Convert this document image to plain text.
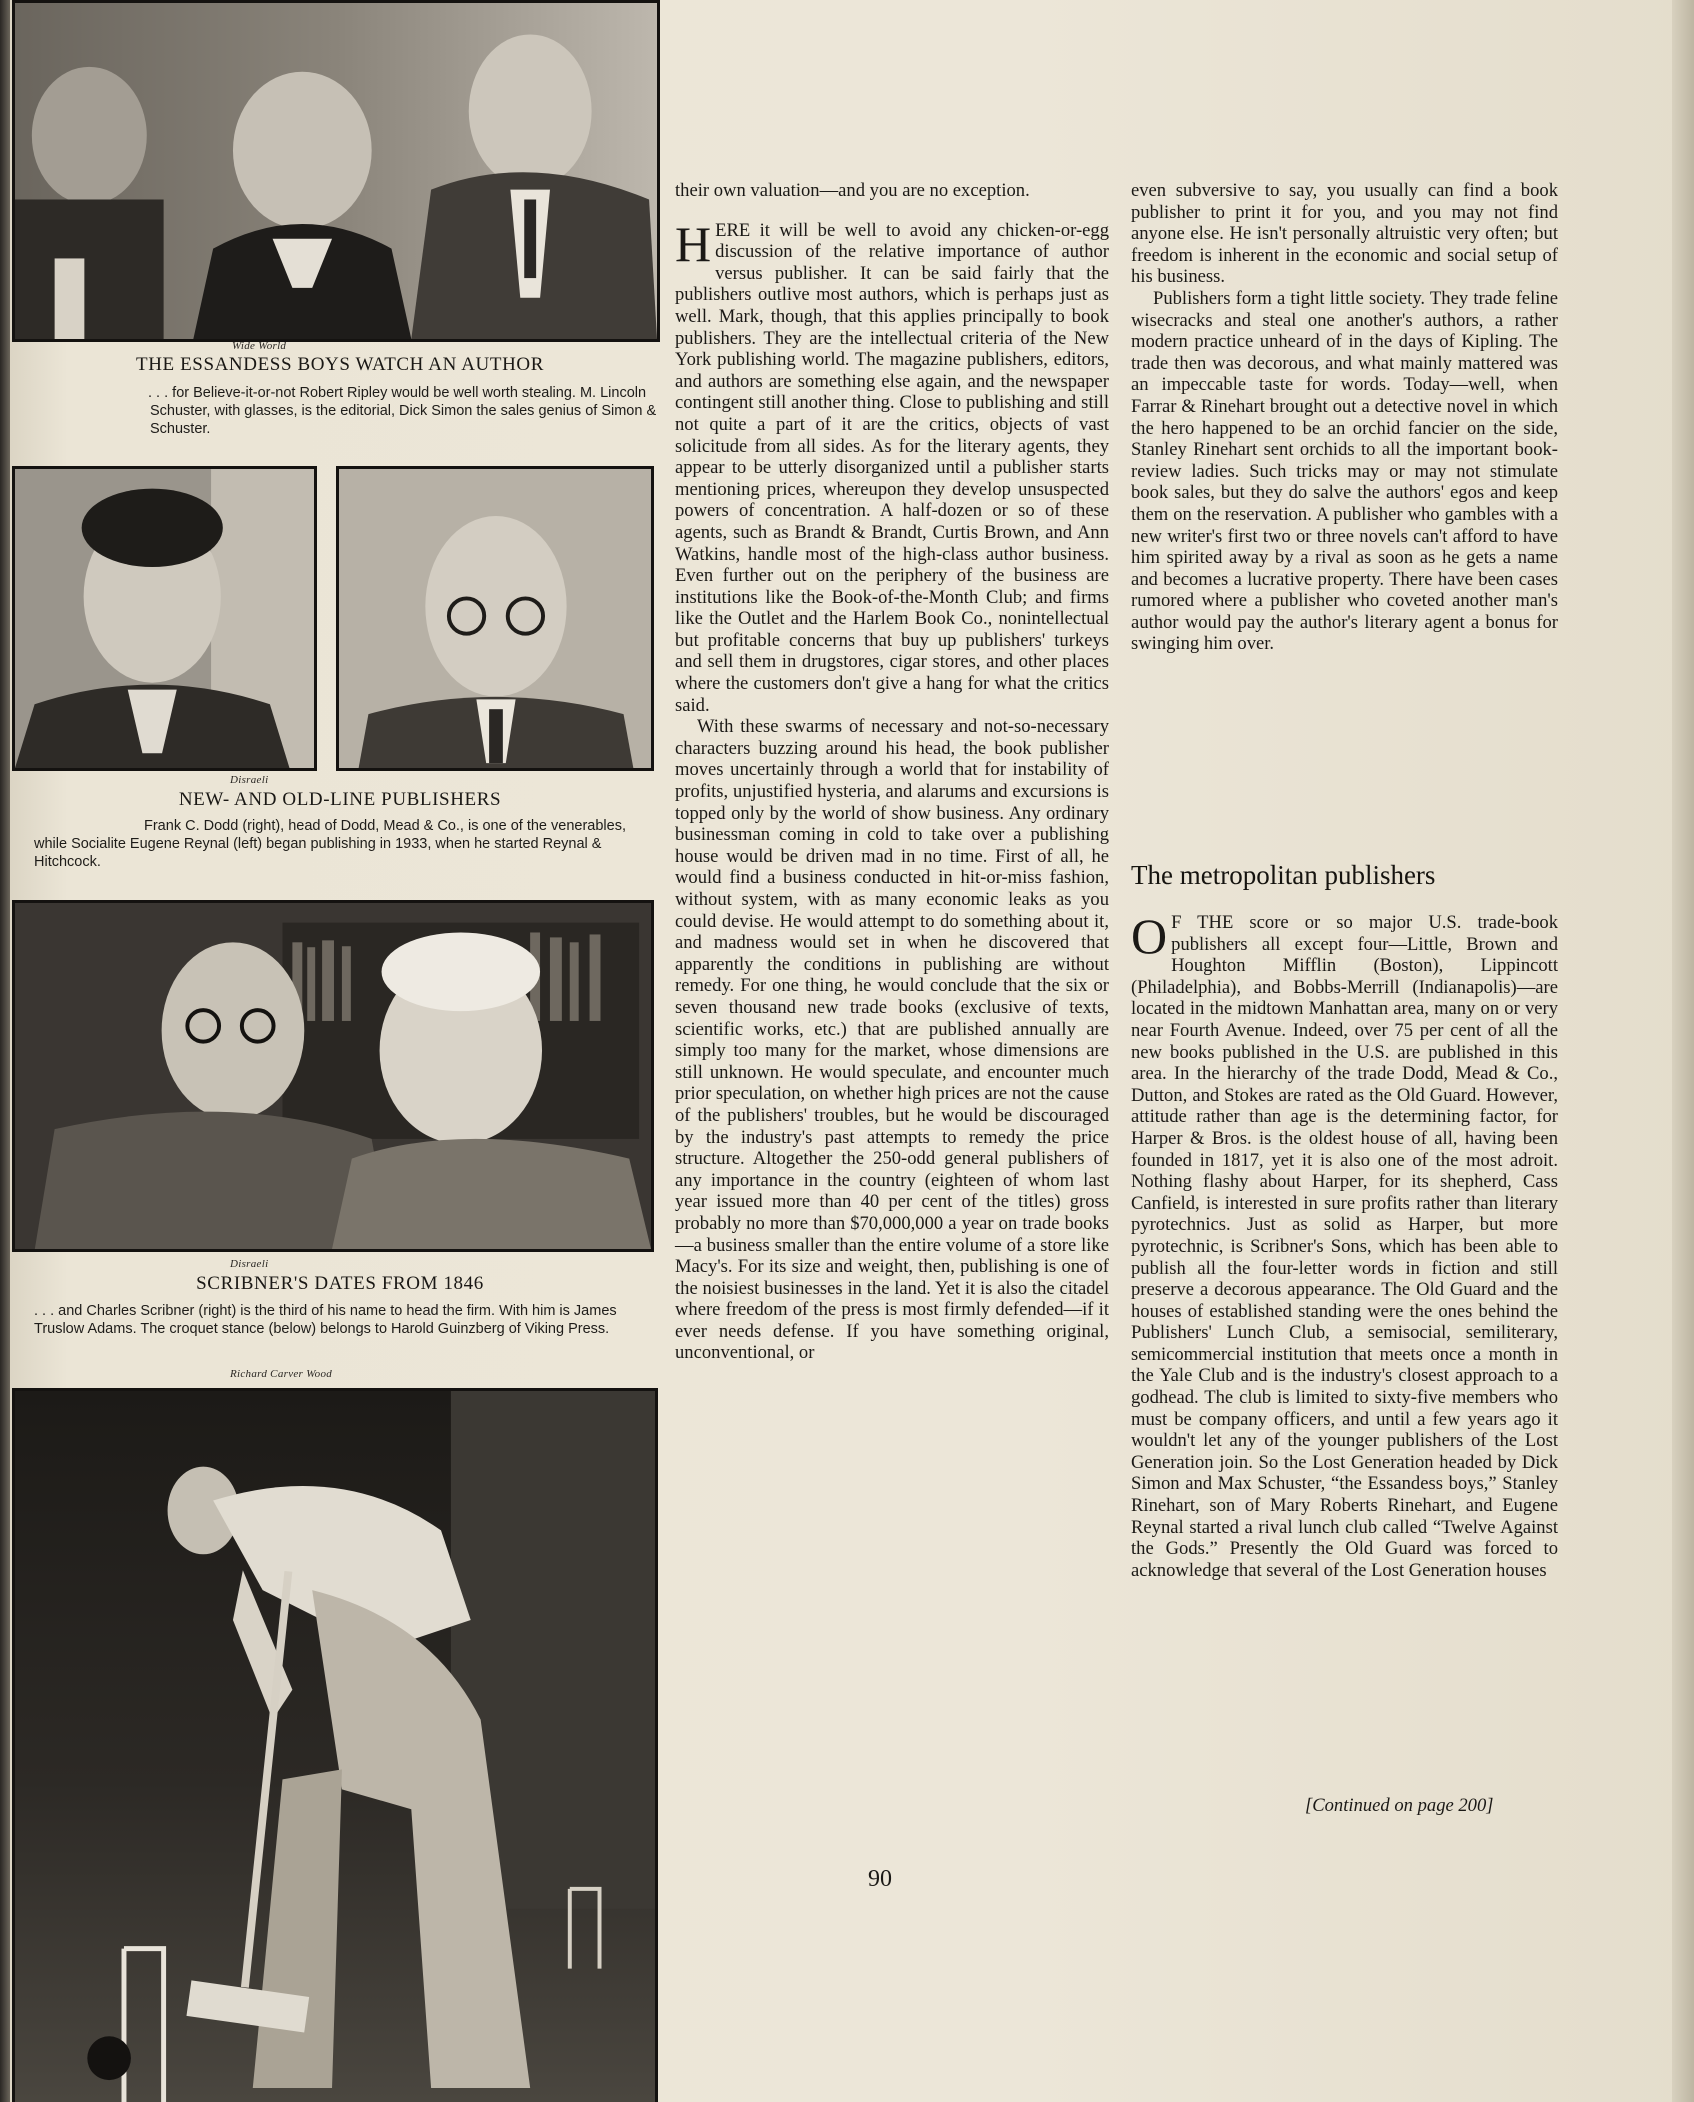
Wide World
THE ESSANDESS BOYS WATCH AN AUTHOR
. . . for Believe-it-or-not Robert Ripley would be well worth stealing. M. Lincoln Schuster, with glasses, is the editorial, Dick Simon the sales genius of Simon & Schuster.
Disraeli
NEW- AND OLD-LINE PUBLISHERS
Frank C. Dodd (right), head of Dodd, Mead & Co., is one of the venerables, while Socialite Eugene Reynal (left) began publishing in 1933, when he started Reynal & Hitchcock.
Disraeli
SCRIBNER'S DATES FROM 1846
. . . and Charles Scribner (right) is the third of his name to head the firm. With him is James Truslow Adams. The croquet stance (below) belongs to Harold Guinzberg of Viking Press.
Richard Carver Wood

their own valuation—and you are no exception.

HERE it will be well to avoid any chicken-or-egg discussion of the relative importance of author versus publisher. It can be said fairly that the publishers outlive most authors, which is perhaps just as well. Mark, though, that this applies principally to book publishers. They are the intellectual criteria of the New York publishing world. The magazine publishers, editors, and authors are something else again, and the newspaper contingent still another thing. Close to publishing and still not quite a part of it are the critics, objects of vast solicitude from all sides. As for the literary agents, they appear to be utterly disorganized until a publisher starts mentioning prices, whereupon they develop unsuspected powers of concentration. A half-dozen or so of these agents, such as Brandt & Brandt, Curtis Brown, and Ann Watkins, handle most of the high-class author business. Even further out on the periphery of the business are institutions like the Book-of-the-Month Club; and firms like the Outlet and the Harlem Book Co., nonintellectual but profitable concerns that buy up publishers' turkeys and sell them in drugstores, cigar stores, and other places where the customers don't give a hang for what the critics said.

With these swarms of necessary and not-so-necessary characters buzzing around his head, the book publisher moves uncertainly through a world that for instability of profits, unjustified hysteria, and alarums and excursions is topped only by the world of show business. Any ordinary businessman coming in cold to take over a publishing house would be driven mad in no time. First of all, he would find a business conducted in hit-or-miss fashion, without system, with as many economic leaks as you could devise. He would attempt to do something about it, and madness would set in when he discovered that apparently the conditions in publishing are without remedy. For one thing, he would conclude that the six or seven thousand new trade books (exclusive of texts, scientific works, etc.) that are published annually are simply too many for the market, whose dimensions are still unknown. He would speculate, and encounter much prior speculation, on whether high prices are not the cause of the publishers' troubles, but he would be discouraged by the industry's past attempts to remedy the price structure. Altogether the 250-odd general publishers of any importance in the country (eighteen of whom last year issued more than 40 per cent of the titles) gross probably no more than $70,000,000 a year on trade books—a business smaller than the entire volume of a store like Macy's. For its size and weight, then, publishing is one of the noisiest businesses in the land. Yet it is also the citadel where freedom of the press is most firmly defended—if it ever needs defense. If you have something original, unconventional, or

even subversive to say, you usually can find a book publisher to print it for you, and you may not find anyone else. He isn't personally altruistic very often; but freedom is inherent in the economic and social setup of his business.

Publishers form a tight little society. They trade feline wisecracks and steal one another's authors, a rather modern practice unheard of in the days of Kipling. The trade then was decorous, and what mainly mattered was an impeccable taste for words. Today—well, when Farrar & Rinehart brought out a detective novel in which the hero happened to be an orchid fancier on the side, Stanley Rinehart sent orchids to all the important book-review ladies. Such tricks may or may not stimulate book sales, but they do salve the authors' egos and keep them on the reservation. A publisher who gambles with a new writer's first two or three novels can't afford to have him spirited away by a rival as soon as he gets a name and becomes a lucrative property. There have been cases rumored where a publisher who coveted another man's author would pay the author's literary agent a bonus for swinging him over.

The metropolitan publishers

O F THE score or so major U.S. trade-book publishers all except four—Little, Brown and Houghton Mifflin (Boston), Lippincott (Philadelphia), and Bobbs-Merrill (Indianapolis)—are located in the midtown Manhattan area, many on or very near Fourth Avenue. Indeed, over 75 per cent of all the new books published in the U.S. are published in this area. In the hierarchy of the trade Dodd, Mead & Co., Dutton, and Stokes are rated as the Old Guard. However, attitude rather than age is the determining factor, for Harper & Bros. is the oldest house of all, having been founded in 1817, yet it is also one of the most adroit. Nothing flashy about Harper, for its shepherd, Cass Canfield, is interested in sure profits rather than literary pyrotechnics. Just as solid as Harper, but more pyrotechnic, is Scribner's Sons, which has been able to publish all the four-letter words in fiction and still preserve a decorous appearance. The Old Guard and the houses of established standing were the ones behind the Publishers' Lunch Club, a semisocial, semiliterary, semicommercial institution that meets once a month in the Yale Club and is the industry's closest approach to a godhead. The club is limited to sixty-five members who must be company officers, and until a few years ago it wouldn't let any of the younger publishers of the Lost Generation join. So the Lost Generation headed by Dick Simon and Max Schuster, “the Essandess boys,” Stanley Rinehart, son of Mary Roberts Rinehart, and Eugene Reynal started a rival lunch club called “Twelve Against the Gods.” Presently the Old Guard was forced to acknowledge that several of the Lost Generation houses

[Continued on page 200]
90
